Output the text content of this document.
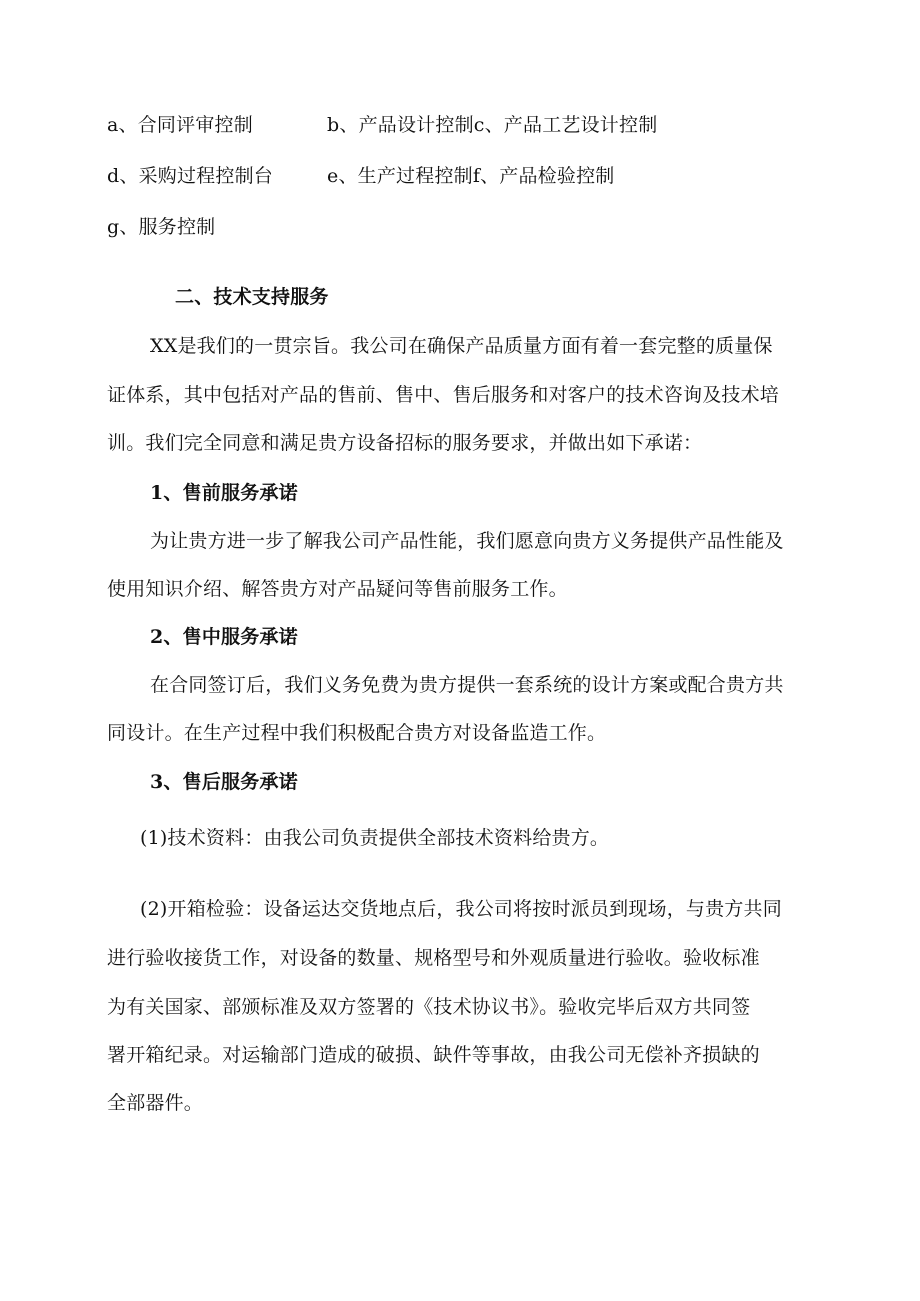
a、合同评审控制	b、产品设计控制c、产品工艺设计控制
d、采购过程控制台	e、生产过程控制f、产品检验控制
g、服务控制
二、技术支持服务
XX是我们的一贯宗旨。我公司在确保产品质量方面有着一套完整的质量保
证体系，其中包括对产品的售前、售中、售后服务和对客户的技术咨询及技术培
训。我们完全同意和满足贵方设备招标的服务要求，并做出如下承诺：
1、售前服务承诺
为让贵方进一步了解我公司产品性能，我们愿意向贵方义务提供产品性能及
使用知识介绍、解答贵方对产品疑问等售前服务工作。
2、售中服务承诺
在合同签订后，我们义务免费为贵方提供一套系统的设计方案或配合贵方共
同设计。在生产过程中我们积极配合贵方对设备监造工作。
3、售后服务承诺
(1)技术资料：由我公司负责提供全部技术资料给贵方。
(2)开箱检验：设备运达交货地点后，我公司将按时派员到现场，与贵方共同
进行验收接货工作，对设备的数量、规格型号和外观质量进行验收。验收标准
为有关国家、部颁标准及双方签署的《技术协议书》。验收完毕后双方共同签
署开箱纪录。对运输部门造成的破损、缺件等事故，由我公司无偿补齐损缺的
全部器件。
